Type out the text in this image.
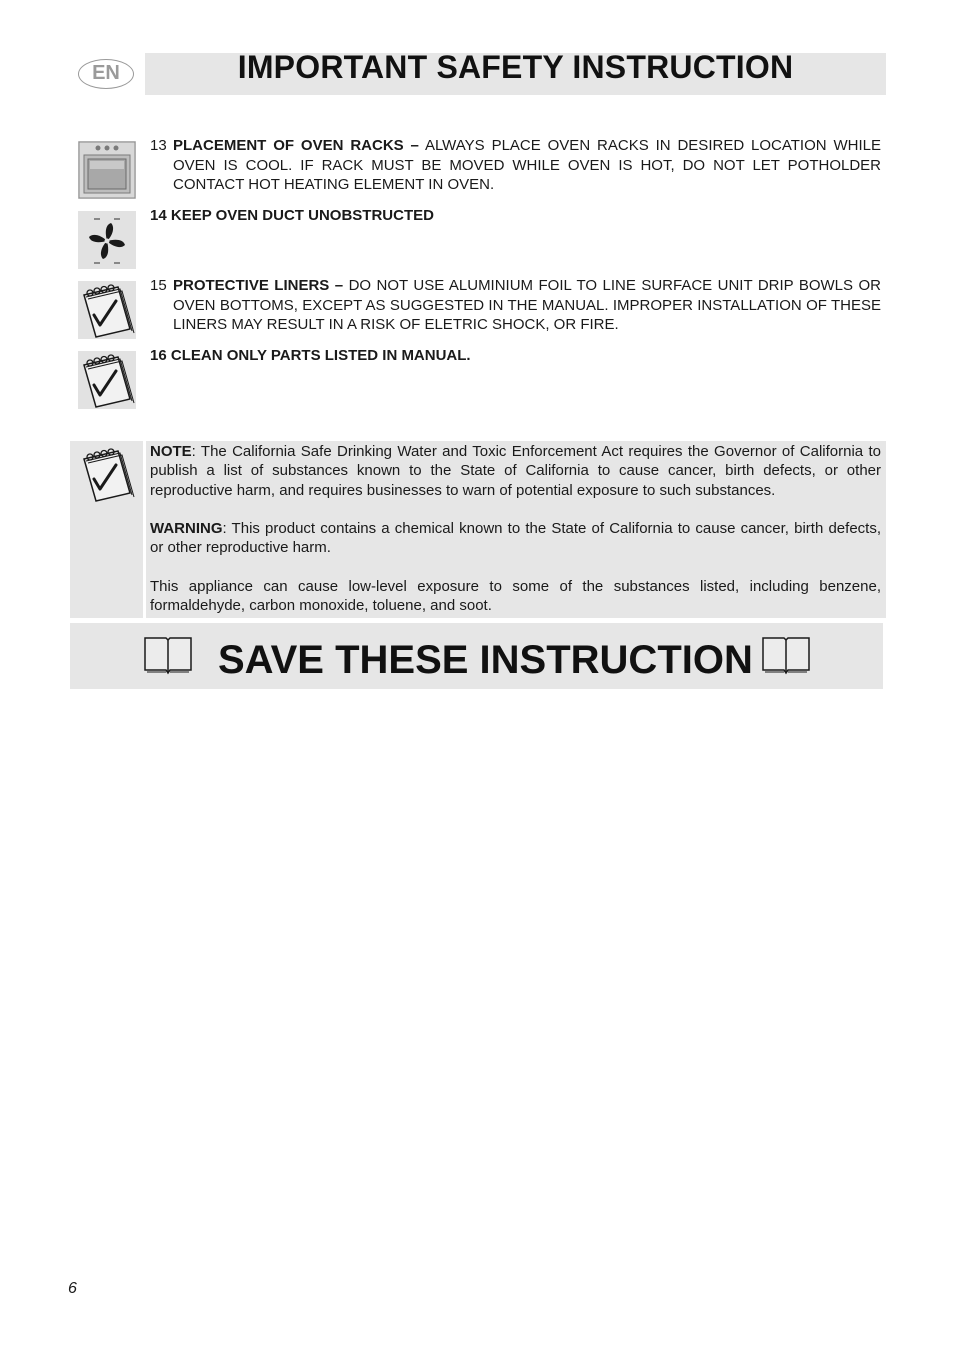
EN	IMPORTANT SAFETY INSTRUCTION
13 PLACEMENT OF OVEN RACKS – ALWAYS PLACE OVEN RACKS IN DESIRED LOCATION WHILE OVEN IS COOL. IF RACK MUST BE MOVED WHILE OVEN IS HOT, DO NOT LET POTHOLDER CONTACT HOT HEATING ELEMENT IN OVEN.
14 KEEP OVEN DUCT UNOBSTRUCTED
15 PROTECTIVE LINERS – DO NOT USE ALUMINIUM FOIL TO LINE SURFACE UNIT DRIP BOWLS OR OVEN BOTTOMS, EXCEPT AS SUGGESTED IN THE MANUAL. IMPROPER INSTALLATION OF THESE LINERS MAY RESULT IN A RISK OF ELETRIC SHOCK, OR FIRE.
16 CLEAN ONLY PARTS LISTED IN MANUAL.

NOTE: The California Safe Drinking Water and Toxic Enforcement Act requires the Governor of California to publish a list of substances known to the State of California to cause cancer, birth defects, or other reproductive harm, and requires businesses to warn of potential exposure to such substances.

WARNING: This product contains a chemical known to the State of California to cause cancer, birth defects, or other reproductive harm.

This appliance can cause low-level exposure to some of the substances listed, including benzene, formaldehyde, carbon monoxide, toluene, and soot.

SAVE THESE INSTRUCTION
6
